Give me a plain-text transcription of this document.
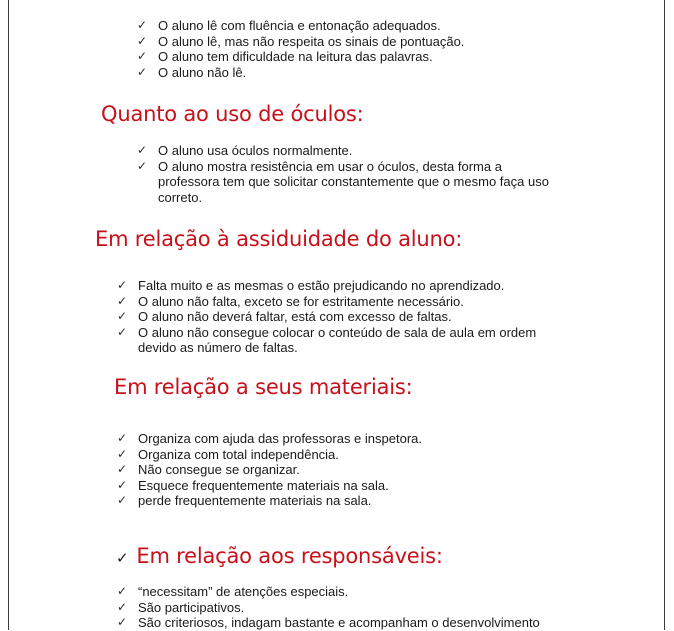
✓ O aluno lê com fluência e entonação adequados.
✓ O aluno lê, mas não respeita os sinais de pontuação.
✓ O aluno tem dificuldade na leitura das palavras.
✓ O aluno não lê.
Quanto ao uso de óculos:
✓ O aluno usa óculos normalmente.
✓ O aluno mostra resistência em usar o óculos, desta forma a
professora tem que solicitar constantemente que o mesmo faça uso
correto.
Em relação à assiduidade do aluno:
✓ Falta muito e as mesmas o estão prejudicando no aprendizado.
✓ O aluno não falta, exceto se for estritamente necessário.
✓ O aluno não deverá faltar, está com excesso de faltas.
✓ O aluno não consegue colocar o conteúdo de sala de aula em ordem
devido as número de faltas.
Em relação a seus materiais:
✓ Organiza com ajuda das professoras e inspetora.
✓ Organiza com total independência.
✓ Não consegue se organizar.
✓ Esquece frequentemente materiais na sala.
✓ perde frequentemente materiais na sala.
✓ Em relação aos responsáveis:
✓ “necessitam” de atenções especiais.
✓ São participativos.
✓ São criteriosos, indagam bastante e acompanham o desenvolvimento
